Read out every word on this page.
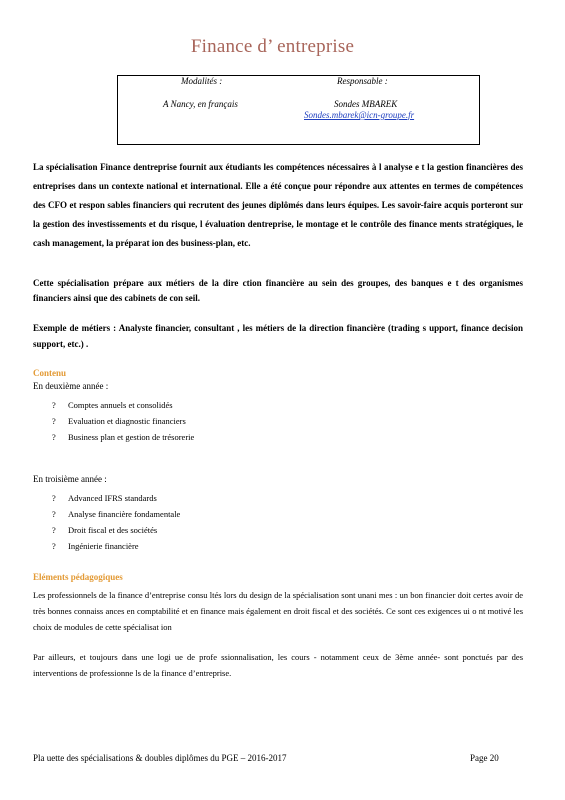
Finance d’ entreprise
Modalités :	Responsable :
A Nancy, en français	Sondes MBAREK
Sondes.mbarek@icn-groupe.fr

La spécialisation Finance dentreprise fournit aux étudiants les compétences nécessaires à l analyse e t la gestion financières des entreprises dans un contexte national et international. Elle a été conçue pour répondre aux attentes en termes de compétences des CFO et respon sables financiers qui recrutent des jeunes diplômés dans leurs équipes. Les savoir-faire acquis porteront sur la gestion des investissements et du risque, l évaluation dentreprise, le montage et le contrôle des finance ments stratégiques, le cash management, la préparat ion des business-plan, etc.

Cette spécialisation prépare aux métiers de la dire ction financière au sein des groupes, des banques e t des organismes financiers ainsi que des cabinets de con seil.

Exemple de métiers : Analyste financier, consultant , les métiers de la direction financière (trading s upport, finance decision support, etc.) .

Contenu
En deuxième année :
?	Comptes annuels et consolidés
?	Evaluation et diagnostic financiers
?	Business plan et gestion de trésorerie
En troisième année :
?	Advanced IFRS standards
?	Analyse financière fondamentale
?	Droit fiscal et des sociétés
?	Ingénierie financière
Eléments pédagogiques

Les professionnels de la finance d’entreprise consu ltés lors du design de la spécialisation sont unani mes : un bon financier doit certes avoir de très bonnes connaiss ances en comptabilité et en finance mais également en droit fiscal et des sociétés. Ce sont ces exigences ui o nt motivé les choix de modules de cette spécialisat ion

Par ailleurs, et toujours dans une logi ue de profe ssionnalisation, les cours - notamment ceux de 3ème année- sont ponctués par des interventions de professionne ls de la finance d’entreprise.

Pla uette des spécialisations & doubles diplômes du PGE – 2016-2017	Page 20
